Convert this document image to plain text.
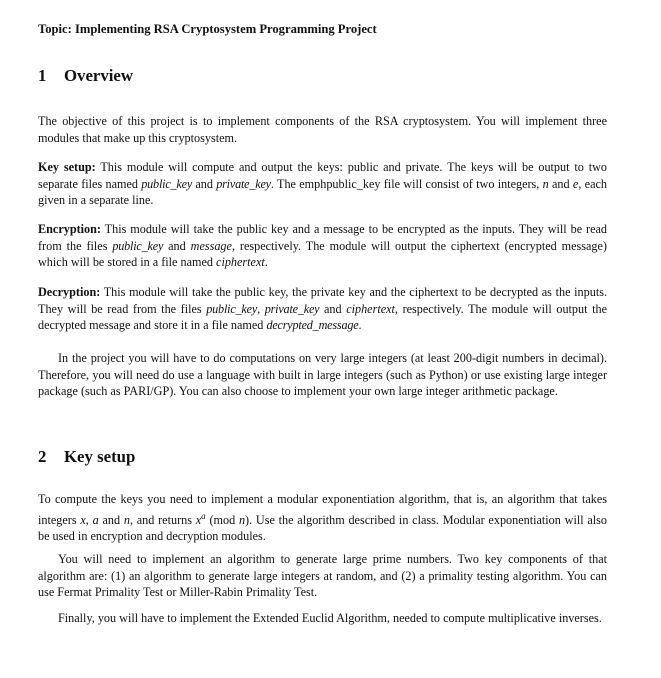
Topic: Implementing RSA Cryptosystem Programming Project
1 Overview
The objective of this project is to implement components of the RSA cryptosystem. You will implement three modules that make up this cryptosystem.
Key setup: This module will compute and output the keys: public and private. The keys will be output to two separate files named public_key and private_key. The emphpublic_key file will consist of two integers, n and e, each given in a separate line.
Encryption: This module will take the public key and a message to be encrypted as the inputs. They will be read from the files public_key and message, respectively. The module will output the ciphertext (encrypted message) which will be stored in a file named ciphertext.
Decryption: This module will take the public key, the private key and the ciphertext to be decrypted as the inputs. They will be read from the files public_key, private_key and ciphertext, respectively. The module will output the decrypted message and store it in a file named decrypted_message.
In the project you will have to do computations on very large integers (at least 200-digit numbers in decimal). Therefore, you will need do use a language with built in large integers (such as Python) or use existing large integer package (such as PARI/GP). You can also choose to implement your own large integer arithmetic package.
2 Key setup
To compute the keys you need to implement a modular exponentiation algorithm, that is, an algorithm that takes integers x, a and n, and returns $x^a$ (mod n). Use the algorithm described in class. Modular exponentiation will also be used in encryption and decryption modules.
You will need to implement an algorithm to generate large prime numbers. Two key components of that algorithm are: (1) an algorithm to generate large integers at random, and (2) a primality testing algorithm. You can use Fermat Primality Test or Miller-Rabin Primality Test.
Finally, you will have to implement the Extended Euclid Algorithm, needed to compute multiplicative inverses.
